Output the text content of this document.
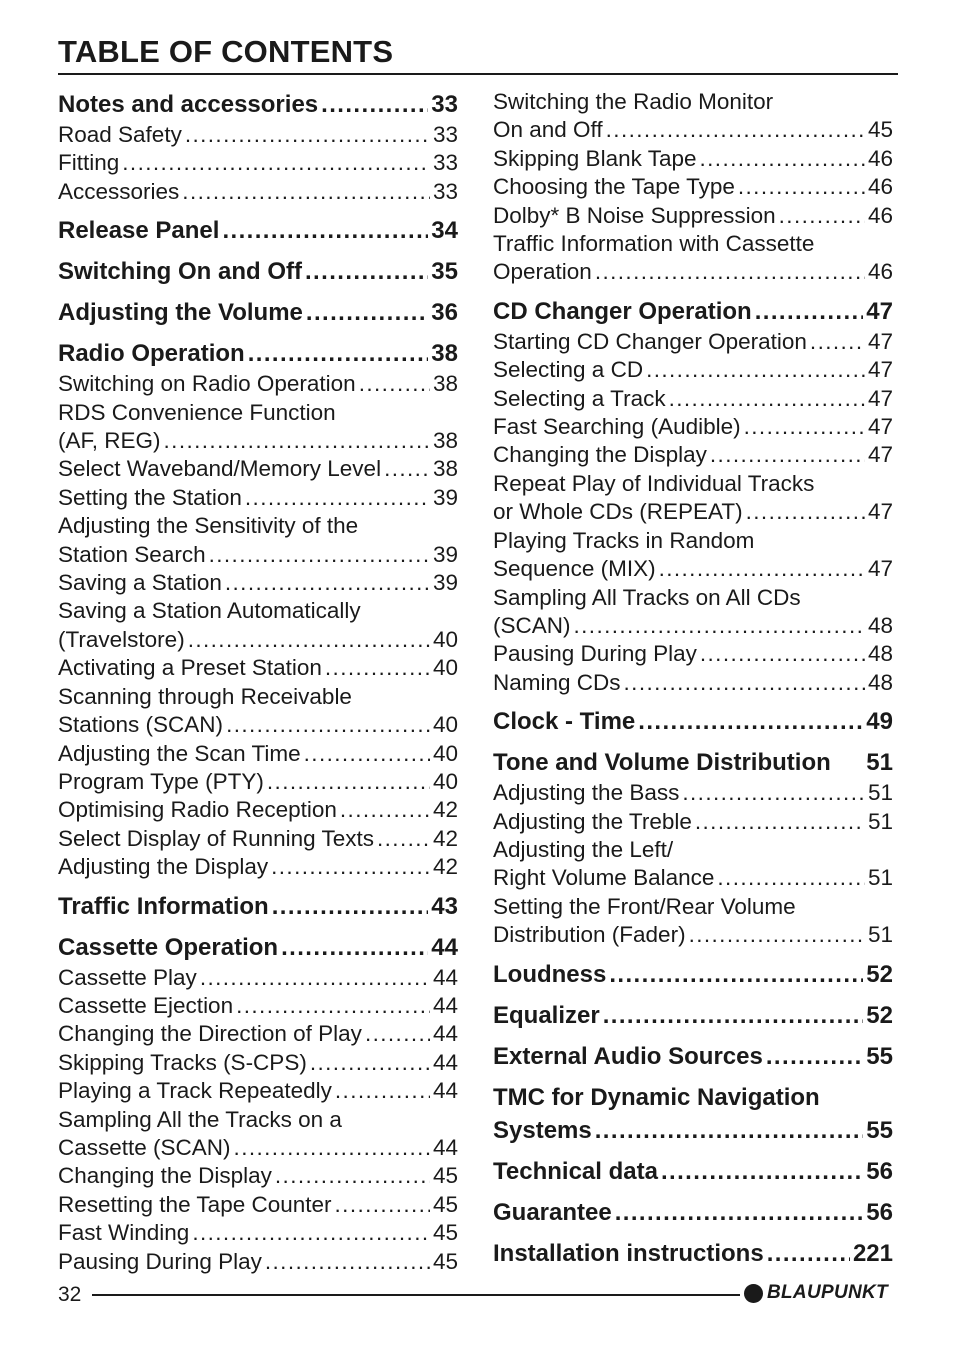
TABLE OF CONTENTS
Notes and accessories .....	33
Road Safety .....	33
Fitting .....	33
Accessories .....	33
Release Panel .....	34
Switching On and Off .....	35
Adjusting the Volume .....	36
Radio Operation .....	38
Switching on Radio Operation .....	38
RDS Convenience Function
(AF, REG) .....	38
Select Waveband/Memory Level ..... 38
Setting the Station .....	39
Adjusting the Sensitivity of the
Station Search .....	39
Saving a Station .....	39
Saving a Station Automatically
(Travelstore) .....	40
Activating a Preset Station .....	40
Scanning through Receivable
Stations (SCAN) .....	40
Adjusting the Scan Time .....	40
Program Type (PTY) .....	40
Optimising Radio Reception .....	42
Select Display of Running Texts .....	42
Adjusting the Display .....	42
Traffic Information .....	43
Cassette Operation .....	44
Cassette Play .....	44
Cassette Ejection .....	44
Changing the Direction of Play .....	44
Skipping Tracks (S-CPS) .....	44
Playing a Track Repeatedly .....	44
Sampling All the Tracks on a
Cassette (SCAN) .....	44
Changing the Display .....	45
Resetting the Tape Counter .....	45
Fast Winding .....	45
Pausing During Play .....	45
Switching the Radio Monitor
On and Off .....	45
Skipping Blank Tape .....	46
Choosing the Tape Type .....	46
Dolby* B Noise Suppression .....	46
Traffic Information with Cassette
Operation .....	46
CD Changer Operation .....	47
Starting CD Changer Operation .....	47
Selecting a CD .....	47
Selecting a Track .....	47
Fast Searching (Audible) .....	47
Changing the Display .....	47
Repeat Play of Individual Tracks
or Whole CDs (REPEAT) .....	47
Playing Tracks in Random
Sequence (MIX) .....	47
Sampling All Tracks on All CDs
(SCAN) .....	48
Pausing During Play .....	48
Naming CDs .....	48
Clock - Time .....	49
Tone and Volume Distribution 51
Adjusting the Bass .....	51
Adjusting the Treble .....	51
Adjusting the Left/
Right Volume Balance .....	51
Setting the Front/Rear Volume
Distribution (Fader) .....	51
Loudness .....	52
Equalizer .....	52
External Audio Sources .....	55
TMC for Dynamic Navigation
Systems .....	55
Technical data .....	56
Guarantee .....	56
Installation instructions .....	221
32	BLAUPUNKT
